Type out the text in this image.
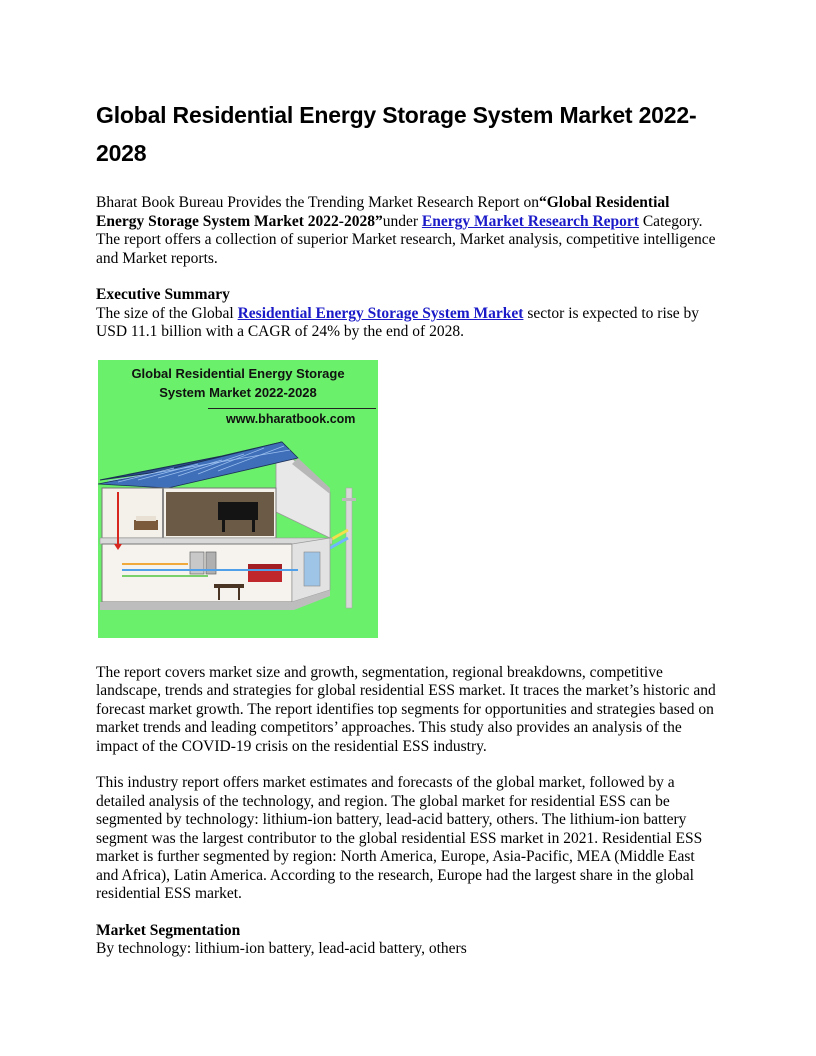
Global Residential Energy Storage System Market 2022-2028

Bharat Book Bureau Provides the Trending Market Research Report on“Global Residential Energy Storage System Market 2022-2028”under Energy Market Research Report Category. The report offers a collection of superior Market research, Market analysis, competitive intelligence and Market reports.

Executive Summary
The size of the Global Residential Energy Storage System Market sector is expected to rise by USD 11.1 billion with a CAGR of 24% by the end of 2028.

Global Residential Energy Storage
System Market 2022-2028
www.bharatbook.com

The report covers market size and growth, segmentation, regional breakdowns, competitive landscape, trends and strategies for global residential ESS market. It traces the market’s historic and forecast market growth. The report identifies top segments for opportunities and strategies based on market trends and leading competitors’ approaches. This study also provides an analysis of the impact of the COVID-19 crisis on the residential ESS industry.

This industry report offers market estimates and forecasts of the global market, followed by a detailed analysis of the technology, and region. The global market for residential ESS can be segmented by technology: lithium-ion battery, lead-acid battery, others. The lithium-ion battery segment was the largest contributor to the global residential ESS market in 2021. Residential ESS market is further segmented by region: North America, Europe, Asia-Pacific, MEA (Middle East and Africa), Latin America. According to the research, Europe had the largest share in the global residential ESS market.

Market Segmentation
By technology: lithium-ion battery, lead-acid battery, others
